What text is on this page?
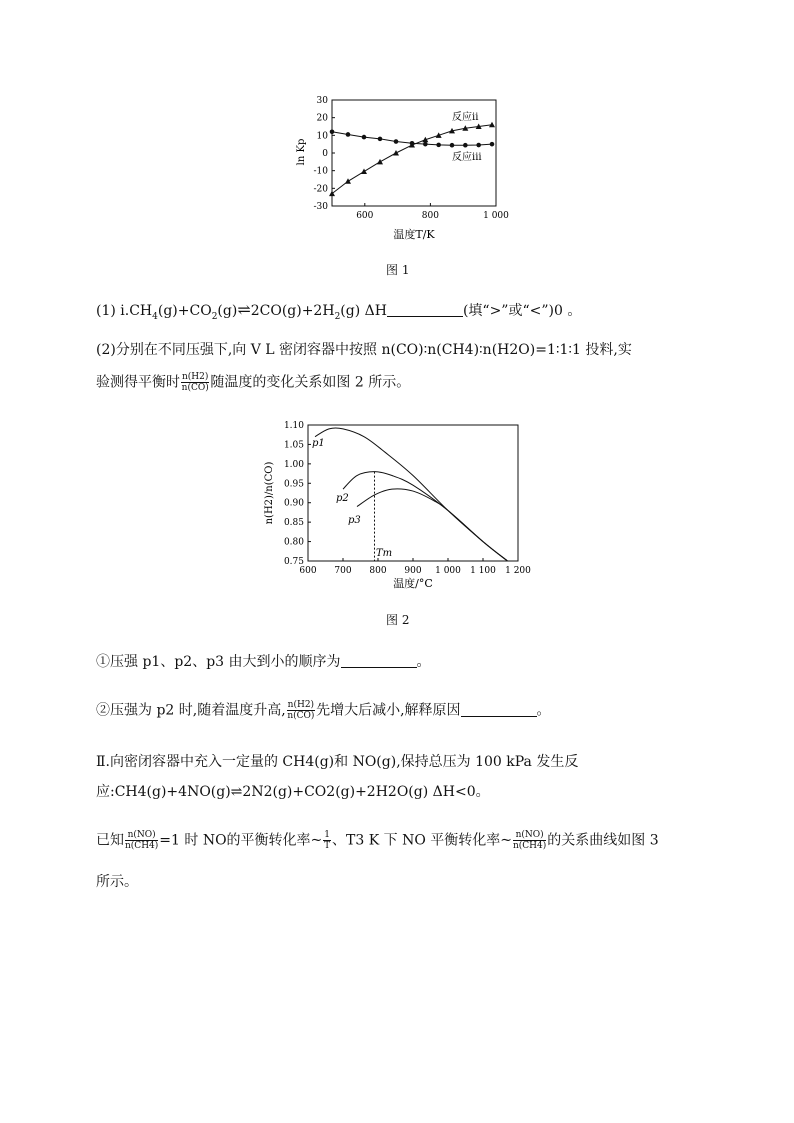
30
20
10
0
-10
-20
-30
600	800	1 000
ln Kp
温度T/K
反应ii
反应iii
图 1
(1) $ⅰ.CH_4(g)+CO_2(g)\rightleftharpoons 2CO(g)+2H_2(g)$ ΔH	(填“>”或“<”)0 。
(2)分别在不同压强下,向 V L 密闭容器中按照 n(CO)∶n(CH4)∶n(H2O)=1∶1∶1 投料,实
验测得平衡时 $\frac{n(H2)}{n(CO)}$ 随温度的变化关系如图 2 所示。
1.10
1.05
1.00
0.95
0.90
0.85
0.80
0.75
600 700 800 900 1 000 1 100 1 200
n(H2)/n(CO)
温度/°C
p1
p2
p3
Tm
图 2
①压强 p1、p2、p3 由大到小的顺序为	。
②压强为 p2 时,随着温度升高, $\frac{n(H2)}{n(CO)}$ 先增大后减小,解释原因	。
Ⅱ.向密闭容器中充入一定量的 CH4(g)和 NO(g),保持总压为 100 kPa 发生反
应:CH4(g)+4NO(g)⇌2N2(g)+CO2(g)+2H2O(g) ΔH<0。
已知 $\frac{n(NO)}{n(CH4)} =1$ 时 NO的平衡转化率~ $\frac{1}{T}$ 、T3 K 下 NO 平衡转化率~ $\frac{n(NO)}{n(CH4)}$ 的关系曲线如图 3
所示。
